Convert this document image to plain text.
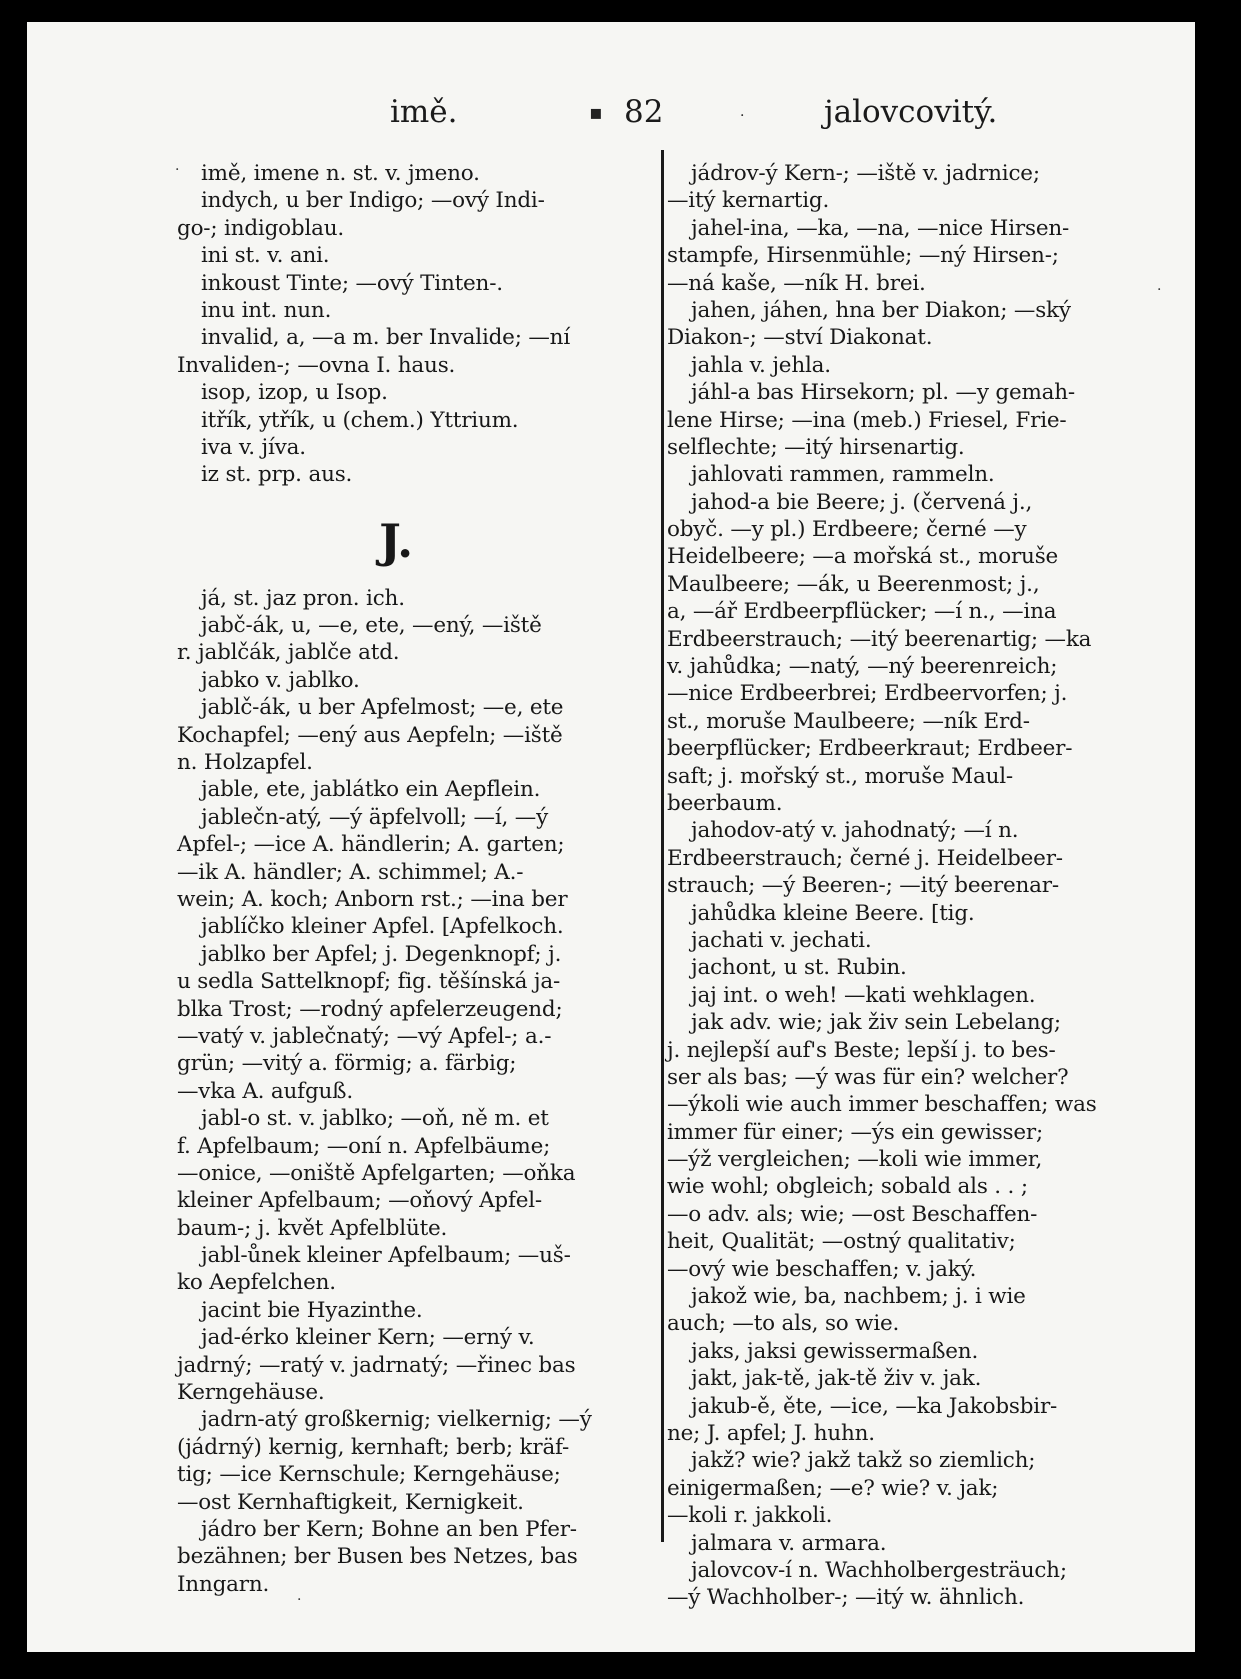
imě.	▪ 82	·	jalovcovitý.
imě, imene n. st. v. jmeno.
indych, u ber Indigo; —ový Indi-
go-; indigoblau.
ini st. v. ani.
inkoust Tinte; —ový Tinten-.
inu int. nun.
invalid, a, —a m. ber Invalide; —ní
Invaliden-; —ovna I. haus.
isop, izop, u Isop.
itřík, ytřík, u (chem.) Yttrium.
iva v. jíva.
iz st. prp. aus.
J.
já, st. jaz pron. ich.
jabč-ák, u, —e, ete, —ený, —iště
r. jablčák, jablče atd.
jabko v. jablko.
jablč-ák, u ber Apfelmost; —e, ete
Kochapfel; —ený aus Aepfeln; —iště
n. Holzapfel.
jable, ete, jablátko ein Aepflein.
jablečn-atý, —ý äpfelvoll; —í, —ý
Apfel-; —ice A. händlerin; A. garten;
—ik A. händler; A. schimmel; A.-
wein; A. koch; Anborn rst.; —ina ber
jablíčko kleiner Apfel. [Apfelkoch.
jablko ber Apfel; j. Degenknopf; j.
u sedla Sattelknopf; fig. těšínská ja-
blka Trost; —rodný apfelerzeugend;
—vatý v. jablečnatý; —vý Apfel-; a.-
grün; —vitý a. förmig; a. färbig;
—vka A. aufguß.
jabl-o st. v. jablko; —oň, ně m. et
f. Apfelbaum; —oní n. Apfelbäume;
—onice, —oniště Apfelgarten; —oňka
kleiner Apfelbaum; —oňový Apfel-
baum-; j. květ Apfelblüte.
jabl-ůnek kleiner Apfelbaum; —uš-
ko Aepfelchen.
jacint bie Hyazinthe.
jad-érko kleiner Kern; —erný v.
jadrný; —ratý v. jadrnatý; —řinec bas
Kerngehäuse.
jadrn-atý großkernig; vielkernig; —ý
(jádrný) kernig, kernhaft; berb; kräf-
tig; —ice Kernschule; Kerngehäuse;
—ost Kernhaftigkeit, Kernigkeit.
jádro ber Kern; Bohne an ben Pfer-
bezähnen; ber Busen bes Netzes, bas
Inngarn.
jádrov-ý Kern-; —iště v. jadrnice;
—itý kernartig.
jahel-ina, —ka, —na, —nice Hirsen-
stampfe, Hirsenmühle; —ný Hirsen-;
—ná kaše, —ník H. brei.
jahen, jáhen, hna ber Diakon; —ský
Diakon-; —ství Diakonat.
jahla v. jehla.
jáhl-a bas Hirsekorn; pl. —y gemah-
lene Hirse; —ina (meb.) Friesel, Frie-
selflechte; —itý hirsenartig.
jahlovati rammen, rammeln.
jahod-a bie Beere; j. (červená j.,
obyč. —y pl.) Erdbeere; černé —y
Heidelbeere; —a mořská st., moruše
Maulbeere; —ák, u Beerenmost; j.,
a, —ář Erdbeerpflücker; —í n., —ina
Erdbeerstrauch; —itý beerenartig; —ka
v. jahůdka; —natý, —ný beerenreich;
—nice Erdbeerbrei; Erdbeervorfen; j.
st., moruše Maulbeere; —ník Erd-
beerpflücker; Erdbeerkraut; Erdbeer-
saft; j. mořský st., moruše Maul-
beerbaum.
jahodov-atý v. jahodnatý; —í n.
Erdbeerstrauch; černé j. Heidelbeer-
strauch; —ý Beeren-; —itý beerenar-
jahůdka kleine Beere. [tig.
jachati v. jechati.
jachont, u st. Rubin.
jaj int. o weh! —kati wehklagen.
jak adv. wie; jak živ sein Lebelang;
j. nejlepší auf's Beste; lepší j. to bes-
ser als bas; —ý was für ein? welcher?
—ýkoli wie auch immer beschaffen; was
immer für einer; —ýs ein gewisser;
—ýž vergleichen; —koli wie immer,
wie wohl; obgleich; sobald als . . ;
—o adv. als; wie; —ost Beschaffen-
heit, Qualität; —ostný qualitativ;
—ový wie beschaffen; v. jaký.
jakož wie, ba, nachbem; j. i wie
auch; —to als, so wie.
jaks, jaksi gewissermaßen.
jakt, jak-tě, jak-tě živ v. jak.
jakub-ě, ěte, —ice, —ka Jakobsbir-
ne; J. apfel; J. huhn.
jakž? wie? jakž takž so ziemlich;
einigermaßen; —e? wie? v. jak;
—koli r. jakkoli.
jalmara v. armara.
jalovcov-í n. Wachholbergesträuch;
—ý Wachholber-; —itý w. ähnlich.
·
·
·
